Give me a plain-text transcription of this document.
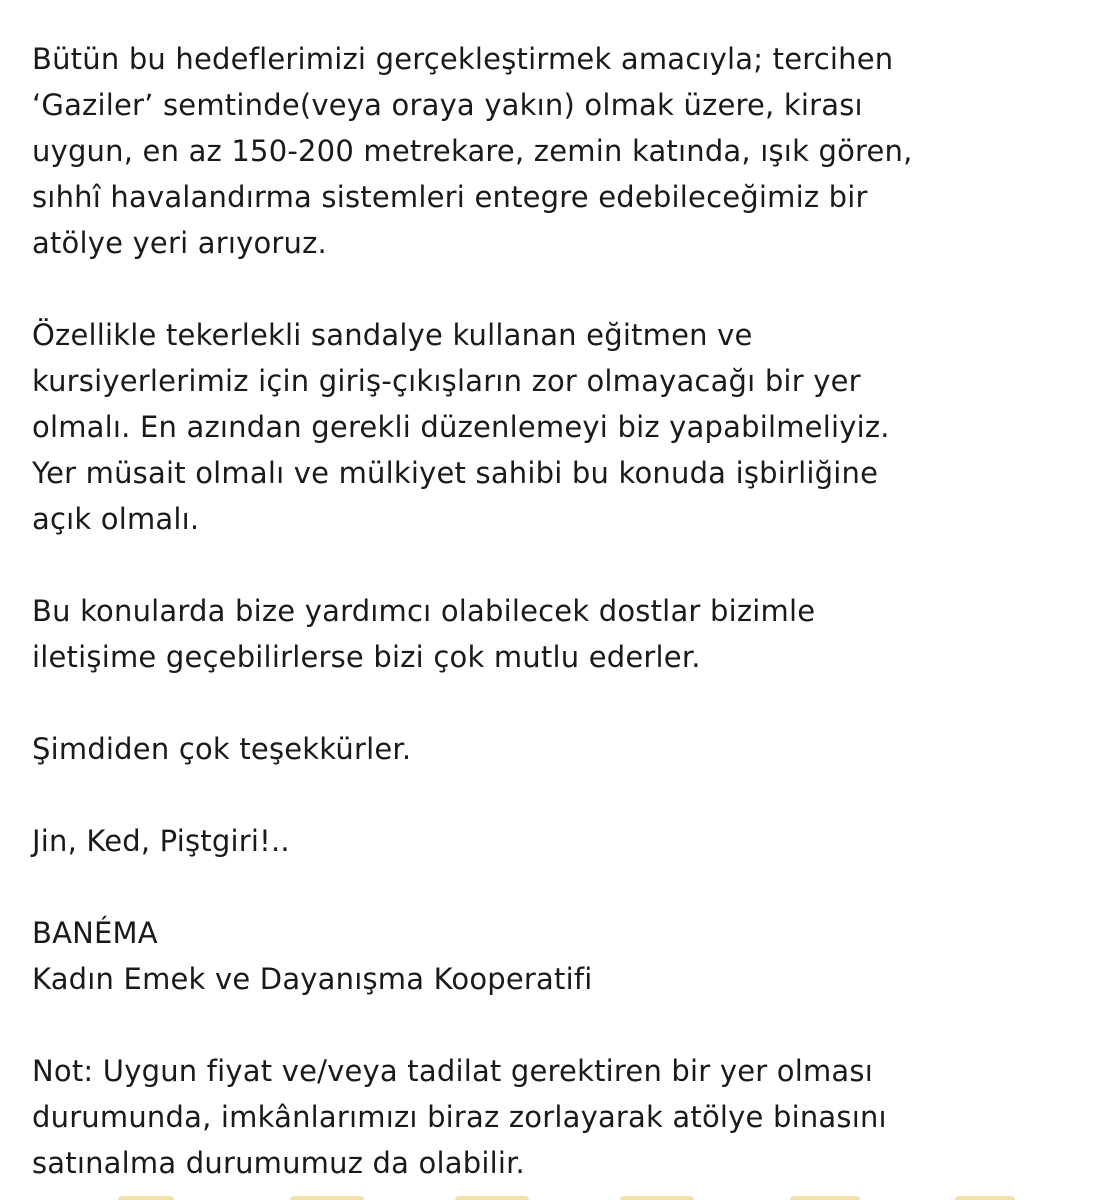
Bütün bu hedeflerimizi gerçekleştirmek amacıyla; tercihen
‘Gaziler’ semtinde(veya oraya yakın) olmak üzere, kirası
uygun, en az 150-200 metrekare, zemin katında, ışık gören,
sıhhî havalandırma sistemleri entegre edebileceğimiz bir
atölye yeri arıyoruz.
Özellikle tekerlekli sandalye kullanan eğitmen ve
kursiyerlerimiz için giriş-çıkışların zor olmayacağı bir yer
olmalı. En azından gerekli düzenlemeyi biz yapabilmeliyiz.
Yer müsait olmalı ve mülkiyet sahibi bu konuda işbirliğine
açık olmalı.
Bu konularda bize yardımcı olabilecek dostlar bizimle
iletişime geçebilirlerse bizi çok mutlu ederler.
Şimdiden çok teşekkürler.
Jin, Ked, Piştgiri!..
BANÉMA
Kadın Emek ve Dayanışma Kooperatifi
Not: Uygun fiyat ve/veya tadilat gerektiren bir yer olması
durumunda, imkânlarımızı biraz zorlayarak atölye binasını
satınalma durumumuz da olabilir.
